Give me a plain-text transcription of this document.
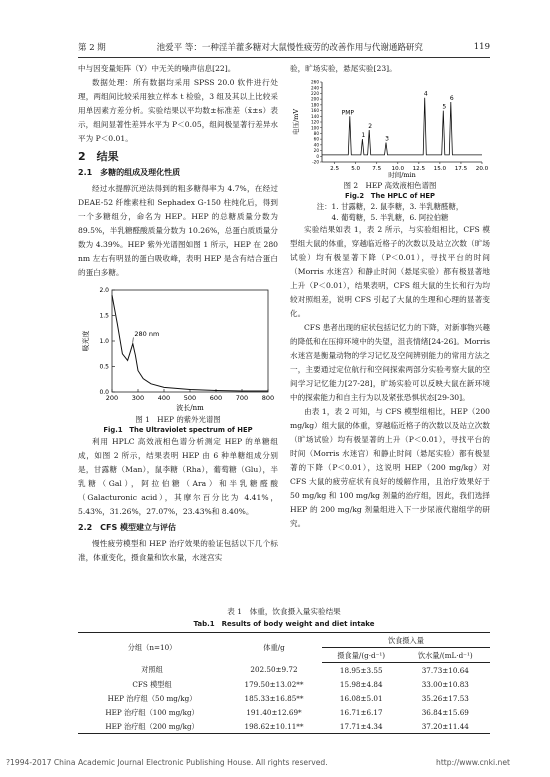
第 2 期	池爱平 等：一种淫羊藿多糖对大鼠慢性疲劳的改善作用与代谢通路研究	119

中与因变量矩阵（Y）中无关的噪声信息[22]。

数据处理：所有数据均采用 SPSS 20.0 软件进行处理，两组间比较采用独立样本 t 检验，3 组及其以上比较采用单因素方差分析。实验结果以平均数±标准差（x̄±s）表示，组间显著性差异水平为 P＜0.05，组间极显著行差异水平为 P＜0.01。

2　结果
2.1　多糖的组成及理化性质

经过水提醇沉逆法得到的粗多糖得率为 4.7%，在经过 DEAE-52 纤维素柱和 Sephadex G-150 柱纯化后，得到一个多糖组分，命名为 HEP。HEP 的总糖质量分数为 89.5%，半乳糖醛酸质量分数为 10.26%，总蛋白质质量分数为 4.39%。HEP 紫外光谱图如图 1 所示，HEP 在 280 nm 左右有明显的蛋白吸收峰，表明 HEP 是含有结合蛋白的蛋白多糖。

200 300 400 500 600 700 800
0.0
0.5
1.0
1.5
2.0
280 nm
吸光度
波长/nm
图 1　HEP 的紫外光谱图
Fig.1　The Ultraviolet spectrum of HEP

利用 HPLC 高效液相色谱分析测定 HEP 的单糖组成，如图 2 所示，结果表明 HEP 由 6 种单糖组成分别是，甘露糖（Man），鼠李糖（Rha），葡萄糖（Glu），半乳糖（Gal），阿拉伯糖（Ara）和半乳糖醛酸（Galacturonic acid），其摩尔百分比为 4.41%，5.43%，31.26%，27.07%，23.43%和 8.40%。

2.2　CFS 模型建立与评估

慢性疲劳模型和 HEP 治疗效果的验证包括以下几个标准，体重变化，摄食量和饮水量，水迷宫实

验，旷场实验，悬尾实验[23]。

2.5 5.0 7.5 10.0 12.5 15.0 17.5 20.0
-20
0
20
40
60
80
100
120
140
160
180
200
220
240
260
PMP
1
2
3
4
5
6
电压/mV
时间/min
图 2　HEP 高效液相色谱图
Fig.2　The HPLC of HEP
注：1. 甘露糖，2. 鼠李糖，3. 半乳糖醛糖，
4. 葡萄糖，5. 半乳糖，6. 阿拉伯糖

实验结果如表 1，表 2 所示，与实验组相比，CFS 模型组大鼠的体重，穿越临近格子的次数以及站立次数（旷场试验）均有极显著下降（P＜0.01），寻找平台的时间（Morris 水迷宫）和静止时间（悬尾实验）都有极显著地上升（P＜0.01），结果表明，CFS 组大鼠的生长和行为均较对照组差，说明 CFS 引起了大鼠的生理和心理的显著变化。

CFS 患者出现的症状包括记忆力的下降，对新事物兴趣的降低和在压抑环境中的失望，沮丧情绪[24-26]。Morris 水迷宫是衡量动物的学习记忆及空间辨别能力的常用方法之一，主要通过定位航行和空间探索两部分实验考察大鼠的空间学习记忆能力[27-28]，旷场实验可以反映大鼠在新环境中的探索能力和自主行为以及紧张恐惧状态[29-30]。

由表 1，表 2 可知，与 CFS 模型组相比，HEP（200 mg/kg）组大鼠的体重，穿越临近格子的次数以及站立次数（旷场试验）均有极显著的上升（P＜0.01），寻找平台的时间（Morris 水迷宫）和静止时间（悬尾实验）都有极显著的下降（P＜0.01），这说明 HEP（200 mg/kg）对 CFS 大鼠的疲劳症状有良好的缓解作用，且治疗效果好于 50 mg/kg 和 100 mg/kg 剂量的治疗组，因此，我们选择 HEP 的 200 mg/kg 剂量组进入下一步尿液代谢组学的研究。

表 1　体重，饮食摄入量实验结果
Tab.1　Results of body weight and diet intake
分组（n=10）	体重/g	饮食摄入量	
		摄食量/(g·d⁻¹)	饮水量/(mL·d⁻¹)
对照组	202.50±9.72	18.95±3.55	37.73±10.64
CFS 模型组	179.50±13.02**	15.98±4.84	33.00±10.83
HEP 治疗组（50 mg/kg）	185.33±16.85**	16.08±5.01	35.26±17.53
HEP 治疗组（100 mg/kg）	191.40±12.69*	16.71±6.17	36.84±15.69
HEP 治疗组（200 mg/kg）	198.62±10.11**	17.71±4.34	37.20±11.44
?1994-2017 China Academic Journal Electronic Publishing House. All rights reserved.	http://www.cnki.net
